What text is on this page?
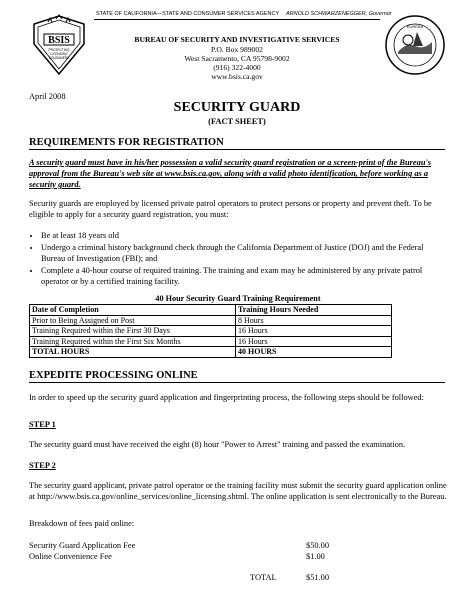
STATE OF CALIFORNIA—STATE AND CONSUMER SERVICES AGENCY ARNOLD SCHWARZENEGGER, Governor
BSIS
PROTECTING
LICENSING
CONSUMERS
EUREKA
BUREAU OF SECURITY AND INVESTIGATIVE SERVICES
P.O. Box 989002
West Sacramento, CA 95798-9002
(916) 322-4000
www.bsis.ca.gov
April 2008
SECURITY GUARD
(FACT SHEET)
REQUIREMENTS FOR REGISTRATION
A security guard must have in his/her possession a valid security guard registration or a screen-print of the Bureau's approval from the Bureau's web site at www.bsis.ca.gov, along with a valid photo identification, before working as a security guard.
Security guards are employed by licensed private patrol operators to protect persons or property and prevent theft. To be eligible to apply for a security guard registration, you must:
• Be at least 18 years old
• Undergo a criminal history background check through the California Department of Justice (DOJ) and the Federal Bureau of Investigation (FBI); and
• Complete a 40-hour course of required training. The training and exam may be administered by any private patrol operator or by a certified training facility.
40 Hour Security Guard Training Requirement
Date of Completion	Training Hours Needed
Prior to Being Assigned on Post	8 Hours
Training Required within the First 30 Days	16 Hours
Training Required within the First Six Months	16 Hours
TOTAL HOURS	40 HOURS
EXPEDITE PROCESSING ONLINE
In order to speed up the security guard application and fingerprinting process, the following steps should be followed:
STEP 1
The security guard must have received the eight (8) hour "Power to Arrest" training and passed the examination.
STEP 2
The security guard applicant, private patrol operator or the training facility must submit the security guard application online at http://www.bsis.ca.gov/online_services/online_licensing.shtml. The online application is sent electronically to the Bureau.
Breakdown of fees paid online:
Security Guard Application Fee	$50.00
Online Convenience Fee	$1.00
TOTAL	$51.00
